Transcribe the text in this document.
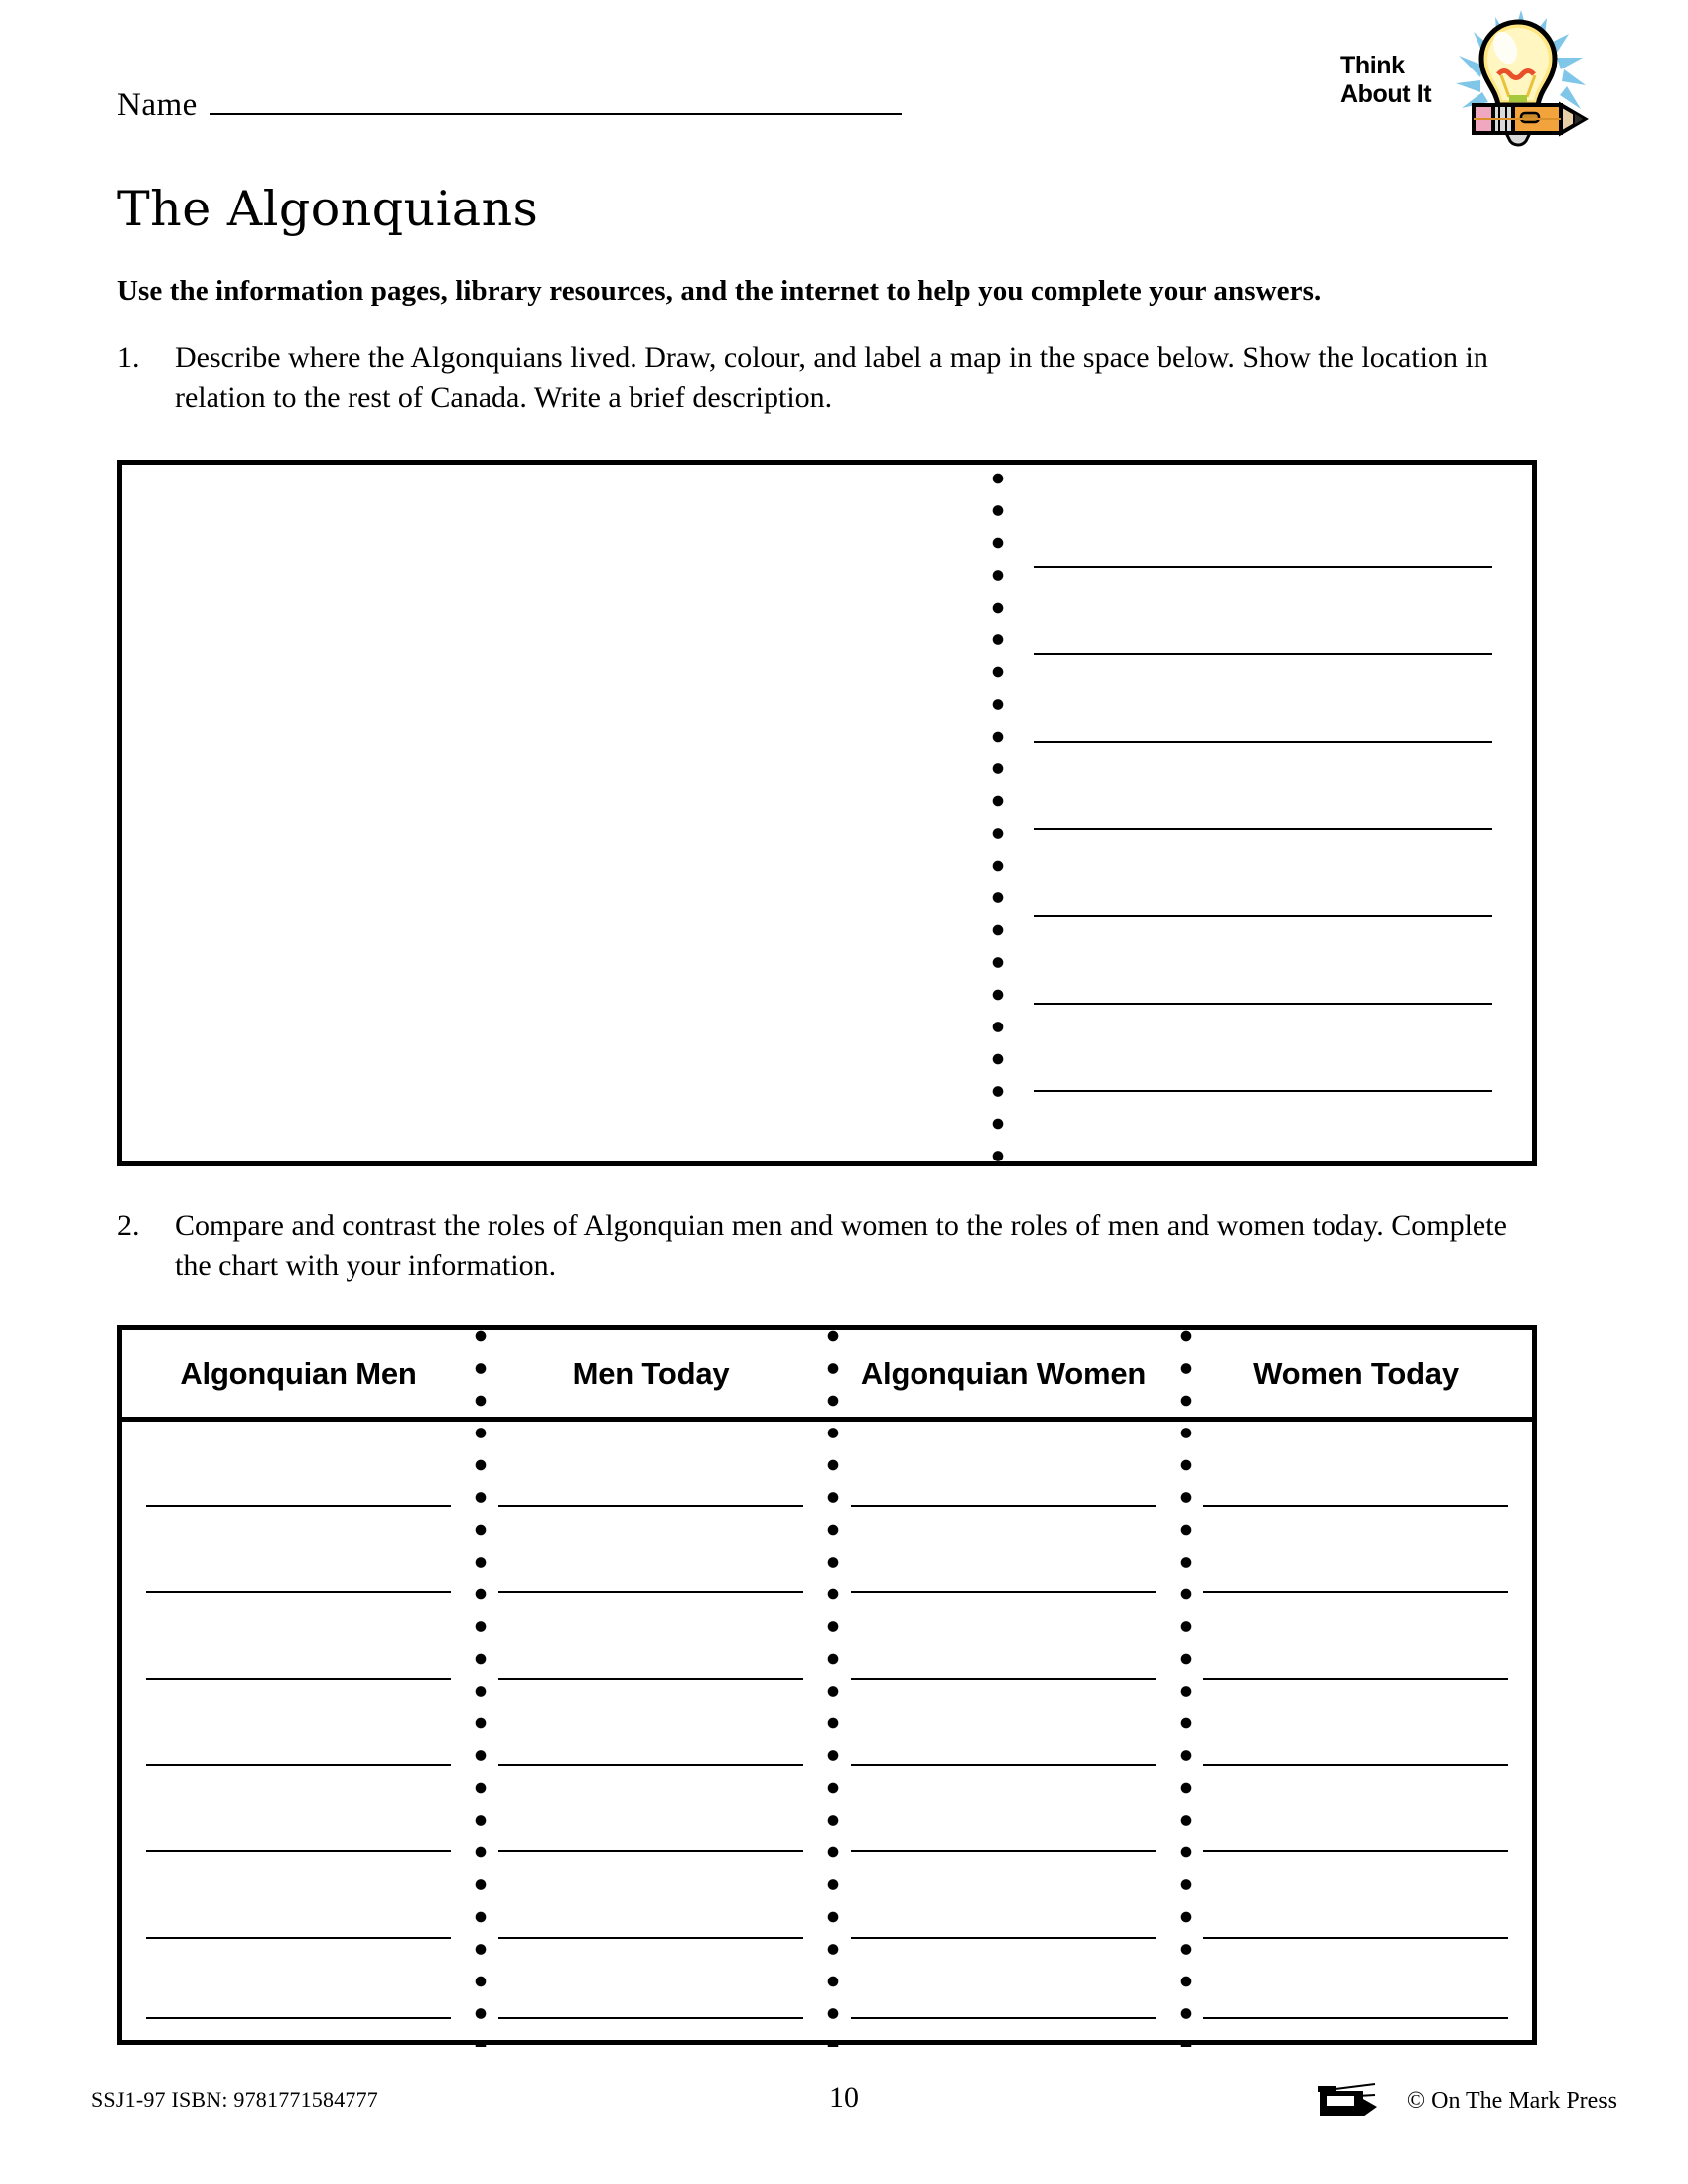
Name
Think
About It
The Algonquians
Use the information pages, library resources, and the internet to help you complete your answers.
1.	Describe where the Algonquians lived. Draw, colour, and label a map in the space below. Show the location in relation to the rest of Canada. Write a brief description.
2.	Compare and contrast the roles of Algonquian men and women to the roles of men and women today. Complete the chart with your information.
Algonquian Men	Men Today	Algonquian Women	Women Today
SSJ1-97 ISBN: 9781771584777	10	© On The Mark Press
